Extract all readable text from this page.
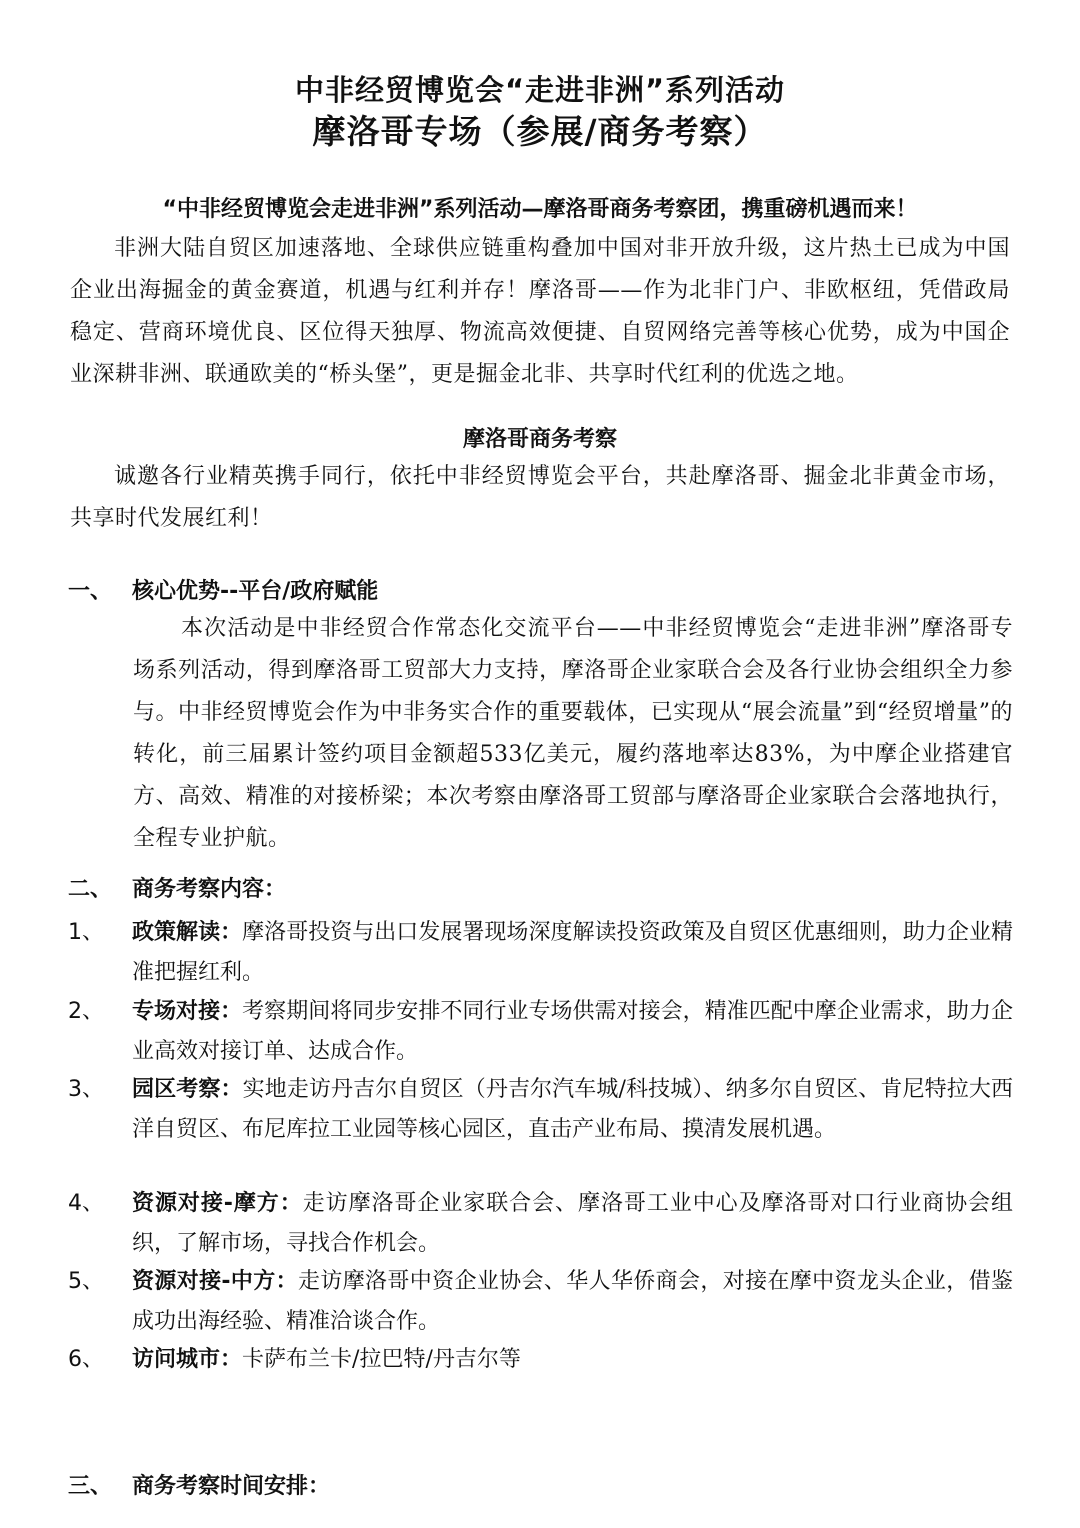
中非经贸博览会“走进非洲”系列活动
摩洛哥专场（参展/商务考察）
“中非经贸博览会走进非洲”系列活动—摩洛哥商务考察团，携重磅机遇而来！
非洲大陆自贸区加速落地、全球供应链重构叠加中国对非开放升级，这片热土已成为中国企业出海掘金的黄金赛道，机遇与红利并存！摩洛哥——作为北非门户、非欧枢纽，凭借政局稳定、营商环境优良、区位得天独厚、物流高效便捷、自贸网络完善等核心优势，成为中国企业深耕非洲、联通欧美的“桥头堡”，更是掘金北非、共享时代红利的优选之地。
摩洛哥商务考察
诚邀各行业精英携手同行，依托中非经贸博览会平台，共赴摩洛哥、掘金北非黄金市场，共享时代发展红利！
一、 核心优势--平台/政府赋能
本次活动是中非经贸合作常态化交流平台——中非经贸博览会“走进非洲”摩洛哥专场系列活动，得到摩洛哥工贸部大力支持，摩洛哥企业家联合会及各行业协会组织全力参与。中非经贸博览会作为中非务实合作的重要载体，已实现从“展会流量”到“经贸增量”的转化，前三届累计签约项目金额超533亿美元，履约落地率达83%，为中摩企业搭建官方、高效、精准的对接桥梁；本次考察由摩洛哥工贸部与摩洛哥企业家联合会落地执行，全程专业护航。
二、 商务考察内容：
1、	政策解读：摩洛哥投资与出口发展署现场深度解读投资政策及自贸区优惠细则，助力企业精准把握红利。
2、	专场对接：考察期间将同步安排不同行业专场供需对接会，精准匹配中摩企业需求，助力企业高效对接订单、达成合作。
3、	园区考察：实地走访丹吉尔自贸区（丹吉尔汽车城/科技城）、纳多尔自贸区、肯尼特拉大西洋自贸区、布尼库拉工业园等核心园区，直击产业布局、摸清发展机遇。
4、	资源对接-摩方：走访摩洛哥企业家联合会、摩洛哥工业中心及摩洛哥对口行业商协会组织，了解市场，寻找合作机会。
5、	资源对接-中方：走访摩洛哥中资企业协会、华人华侨商会，对接在摩中资龙头企业，借鉴成功出海经验、精准洽谈合作。
6、	访问城市：卡萨布兰卡/拉巴特/丹吉尔等
三、 商务考察时间安排：
